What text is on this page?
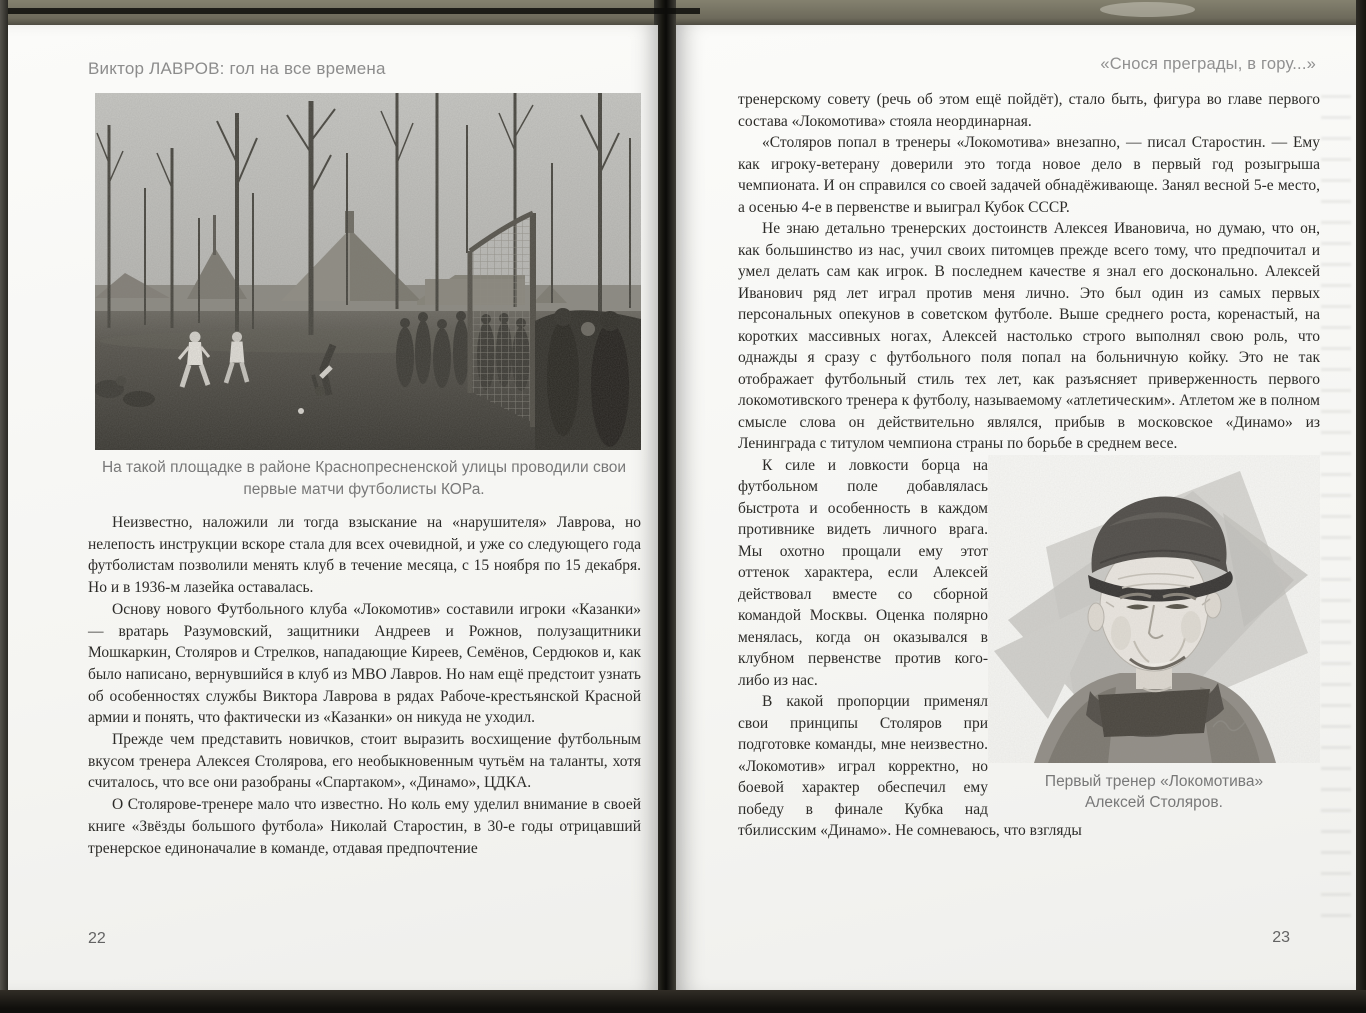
Виктор ЛАВРОВ: гол на все времена
На такой площадке в районе Краснопресненской улицы проводили свои
первые матчи футболисты КОРа.

Неизвестно, наложили ли тогда взыскание на «нарушителя» Лаврова, но нелепость инструкции вскоре стала для всех очевидной, и уже со следующего года футболистам позволили менять клуб в течение месяца, с 15 ноября по 15 декабря. Но и в 1936-м лазейка оставалась.

Основу нового Футбольного клуба «Локомотив» составили игроки «Казанки» — вратарь Разумовский, защитники Андреев и Рожнов, полузащитники Мошкаркин, Столяров и Стрелков, нападающие Киреев, Семёнов, Сердюков и, как было написано, вернувшийся в клуб из МВО Лавров. Но нам ещё предстоит узнать об особенностях службы Виктора Лаврова в рядах Рабоче-крестьянской Красной армии и понять, что фактически из «Казанки» он никуда не уходил.

Прежде чем представить новичков, стоит выразить восхищение футбольным вкусом тренера Алексея Столярова, его необыкновенным чутьём на таланты, хотя считалось, что все они разобраны «Спартаком», «Динамо», ЦДКА.

О Столярове-тренере мало что известно. Но коль ему уделил внимание в своей книге «Звёзды большого футбола» Николай Старостин, в 30-е годы отрицавший тренерское единоначалие в команде, отдавая предпочтение

22
«Снося преграды, в гору...»

тренерскому совету (речь об этом ещё пойдёт), стало быть, фигура во главе первого состава «Локомотива» стояла неординарная.

«Столяров попал в тренеры «Локомотива» внезапно, — писал Старостин. — Ему как игроку-ветерану доверили это тогда новое дело в первый год розыгрыша чемпионата. И он справился со своей задачей обнадёживающе. Занял весной 5-е место, а осенью 4-е в первенстве и выиграл Кубок СССР.

Не знаю детально тренерских достоинств Алексея Ивановича, но думаю, что он, как большинство из нас, учил своих питомцев прежде всего тому, что предпочитал и умел делать сам как игрок. В последнем качестве я знал его досконально. Алексей Иванович ряд лет играл против меня лично. Это был один из самых первых персональных опекунов в советском футболе. Выше среднего роста, коренастый, на коротких массивных ногах, Алексей настолько строго выполнял свою роль, что однажды я сразу с футбольного поля попал на больничную койку. Это не так отображает футбольный стиль тех лет, как разъясняет приверженность первого локомотивского тренера к футболу, называемому «атлетическим». Атлетом же в полном смысле слова он действительно являлся, прибыв в московское «Динамо» из Ленинграда с титулом чемпиона страны по борьбе в среднем весе.

Первый тренер «Локомотива»
Алексей Столяров.

К силе и ловкости борца на футбольном поле добавлялась быстрота и особенность в каждом противнике видеть личного врага. Мы охотно прощали ему этот оттенок характера, если Алексей действовал вместе со сборной командой Москвы. Оценка полярно менялась, когда он оказывался в клубном первенстве против кого-либо из нас.

В какой пропорции применял свои принципы Столяров при подготовке команды, мне неизвестно. «Локомотив» играл корректно, но боевой характер обеспечил ему победу в финале Кубка над тбилисским «Динамо». Не сомневаюсь, что взгляды

23
